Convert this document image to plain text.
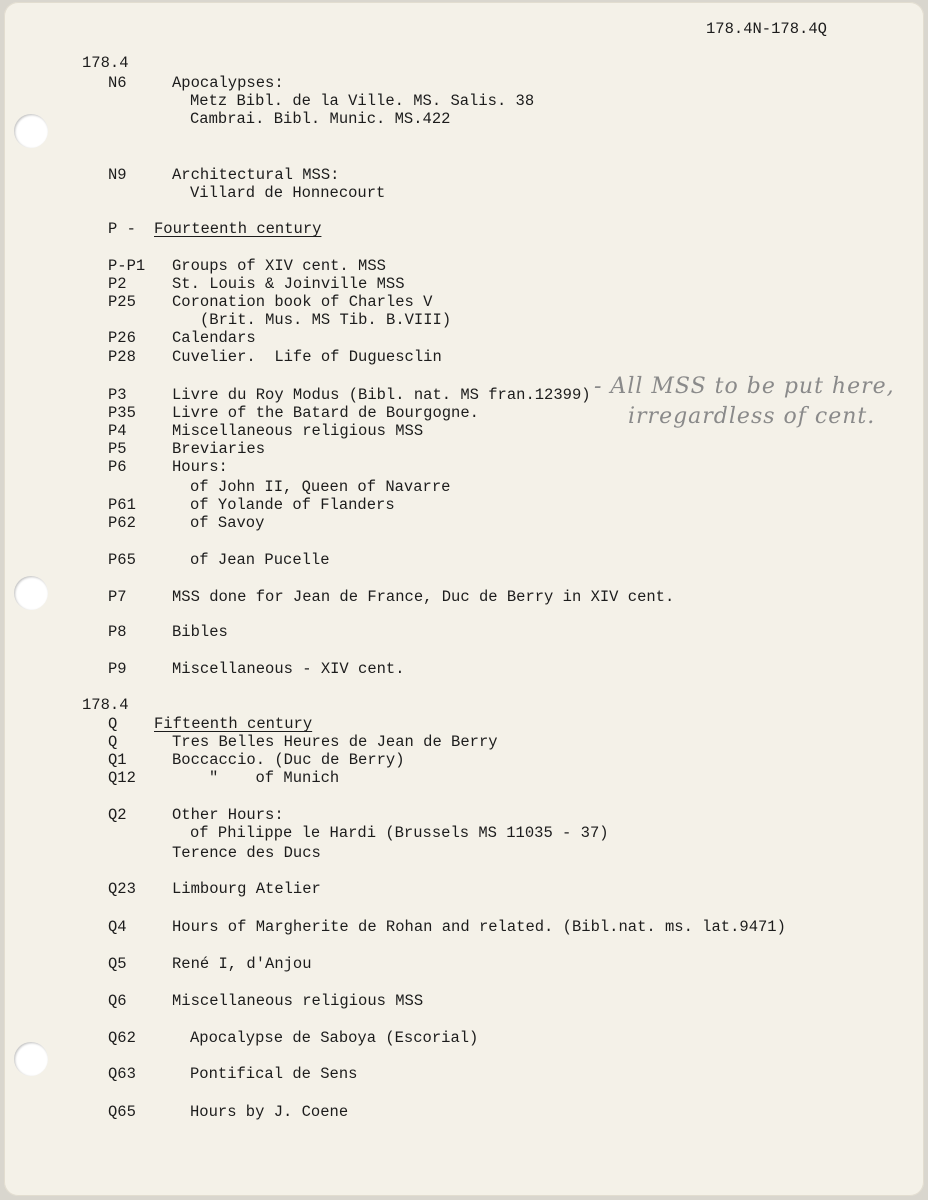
178.4N-178.4Q
178.4
N6	Apocalypses:
Metz Bibl. de la Ville. MS. Salis. 38
Cambrai. Bibl. Munic. MS.422
N9	Architectural MSS:
Villard de Honnecourt
P - Fourteenth century
P-P1 Groups of XIV cent. MSS
P2	St. Louis & Joinville MSS
P25 Coronation book of Charles V
(Brit. Mus. MS Tib. B.VIII)
P26 Calendars
P28 Cuvelier.  Life of Duguesclin
P3	Livre du Roy Modus (Bibl. nat. MS fran.12399)
P35 Livre of the Batard de Bourgogne.
P4	Miscellaneous religious MSS
P5	Breviaries
P6	Hours:
of John II, Queen of Navarre
P61	of Yolande of Flanders
P62	of Savoy
P65	of Jean Pucelle
P7	MSS done for Jean de France, Duc de Berry in XIV cent.
P8	Bibles
P9	Miscellaneous - XIV cent.
178.4
Q Fifteenth century
Q	Tres Belles Heures de Jean de Berry
Q1	Boccaccio. (Duc de Berry)
Q12	"    of Munich
Q2	Other Hours:
of Philippe le Hardi (Brussels MS 11035 - 37)
Terence des Ducs
Q23 Limbourg Atelier
Q4	Hours of Margherite de Rohan and related. (Bibl.nat. ms. lat.9471)
Q5	René I, d'Anjou
Q6	Miscellaneous religious MSS
Q62	Apocalypse de Saboya (Escorial)
Q63	Pontifical de Sens
Q65	Hours by J. Coene
- All MSS to be put here,
irregardless of cent.
